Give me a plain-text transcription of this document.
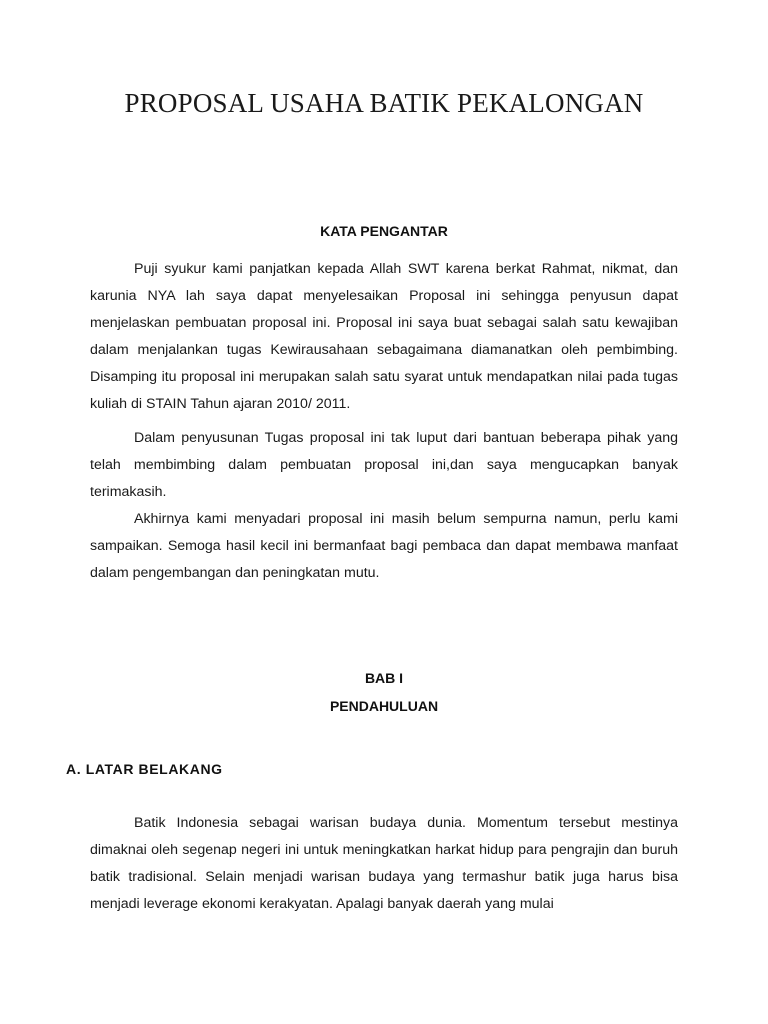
PROPOSAL USAHA BATIK PEKALONGAN
KATA PENGANTAR

Puji syukur kami panjatkan kepada Allah SWT karena berkat Rahmat, nikmat, dan karunia NYA lah saya dapat menyelesaikan Proposal ini sehingga penyusun dapat menjelaskan pembuatan proposal ini. Proposal ini saya buat sebagai salah satu kewajiban dalam menjalankan tugas Kewirausahaan sebagaimana diamanatkan oleh pembimbing. Disamping itu proposal ini merupakan salah satu syarat untuk mendapatkan nilai pada tugas kuliah di STAIN Tahun ajaran 2010/ 2011.

Dalam penyusunan Tugas proposal ini tak luput dari bantuan beberapa pihak yang telah membimbing dalam pembuatan proposal ini,dan saya mengucapkan banyak terimakasih.

Akhirnya kami menyadari proposal ini masih belum sempurna namun, perlu kami sampaikan. Semoga hasil kecil ini bermanfaat bagi pembaca dan dapat membawa manfaat dalam pengembangan dan peningkatan mutu.

BAB I
PENDAHULUAN
A. LATAR BELAKANG

Batik Indonesia sebagai warisan budaya dunia. Momentum tersebut mestinya dimaknai oleh segenap negeri ini untuk meningkatkan harkat hidup para pengrajin dan buruh batik tradisional. Selain menjadi warisan budaya yang termashur batik juga harus bisa menjadi leverage ekonomi kerakyatan. Apalagi banyak daerah yang mulai
